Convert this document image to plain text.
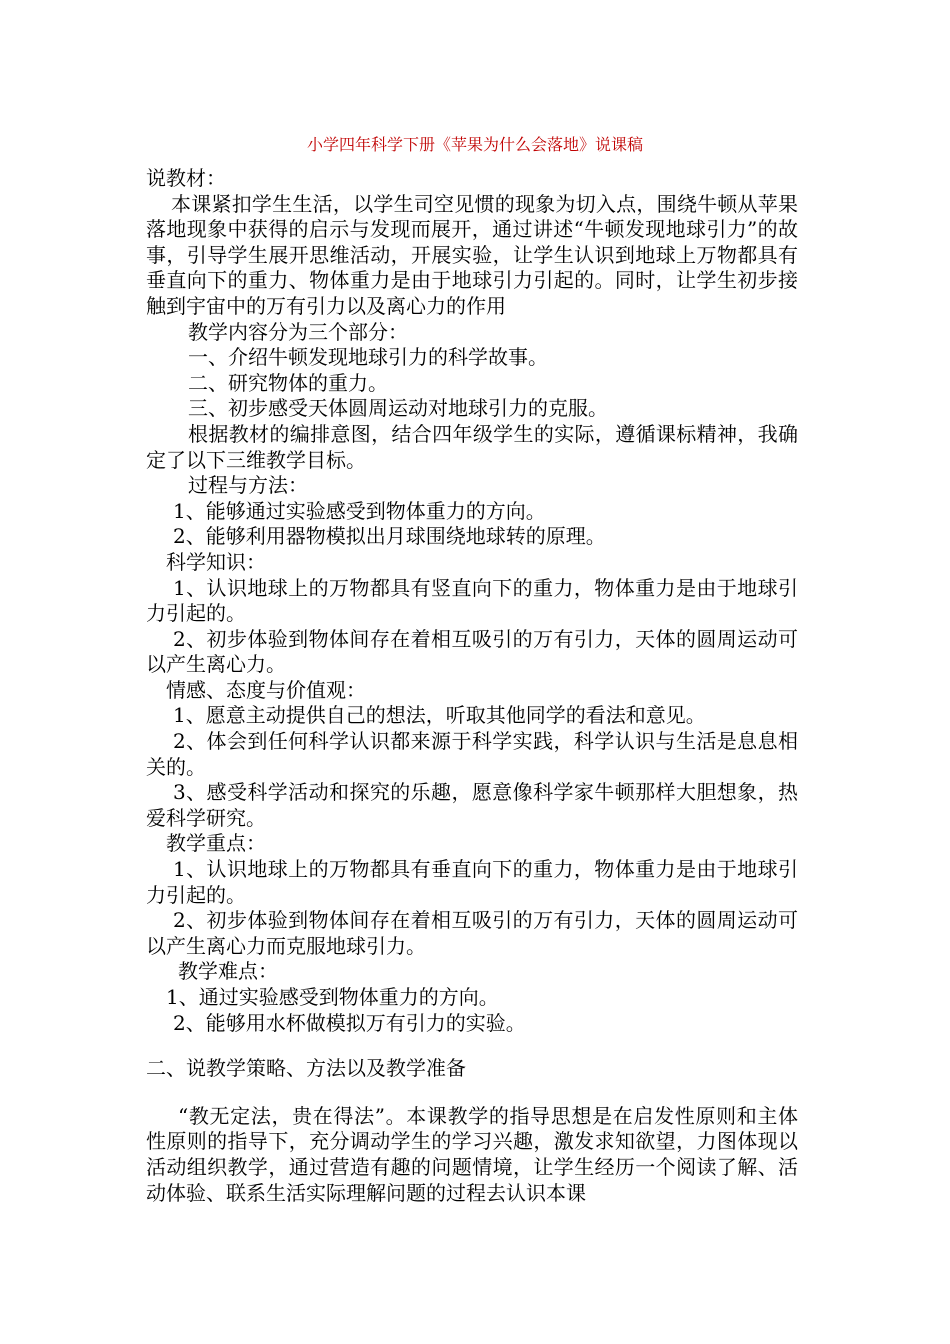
小学四年科学下册《苹果为什么会落地》说课稿

说教材：

本课紧扣学生生活，以学生司空见惯的现象为切入点，围绕牛顿从苹果落地现象中获得的启示与发现而展开，通过讲述“牛顿发现地球引力”的故事，引导学生展开思维活动，开展实验，让学生认识到地球上万物都具有垂直向下的重力、物体重力是由于地球引力引起的。同时，让学生初步接触到宇宙中的万有引力以及离心力的作用

教学内容分为三个部分：

一、介绍牛顿发现地球引力的科学故事。

二、研究物体的重力。

三、初步感受天体圆周运动对地球引力的克服。

根据教材的编排意图，结合四年级学生的实际，遵循课标精神，我确定了以下三维教学目标。

过程与方法：

1、能够通过实验感受到物体重力的方向。

2、能够利用器物模拟出月球围绕地球转的原理。

科学知识：

1、认识地球上的万物都具有竖直向下的重力，物体重力是由于地球引力引起的。

2、初步体验到物体间存在着相互吸引的万有引力，天体的圆周运动可以产生离心力。

情感、态度与价值观：

1、愿意主动提供自己的想法，听取其他同学的看法和意见。

2、体会到任何科学认识都来源于科学实践，科学认识与生活是息息相关的。

3、感受科学活动和探究的乐趣，愿意像科学家牛顿那样大胆想象，热爱科学研究。

教学重点：

1、认识地球上的万物都具有垂直向下的重力，物体重力是由于地球引力引起的。

2、初步体验到物体间存在着相互吸引的万有引力，天体的圆周运动可以产生离心力而克服地球引力。

教学难点：

1、通过实验感受到物体重力的方向。

2、能够用水杯做模拟万有引力的实验。

二、说教学策略、方法以及教学准备

“教无定法，贵在得法”。本课教学的指导思想是在启发性原则和主体性原则的指导下，充分调动学生的学习兴趣，激发求知欲望，力图体现以活动组织教学，通过营造有趣的问题情境，让学生经历一个阅读了解、活动体验、联系生活实际理解问题的过程去认识本课
